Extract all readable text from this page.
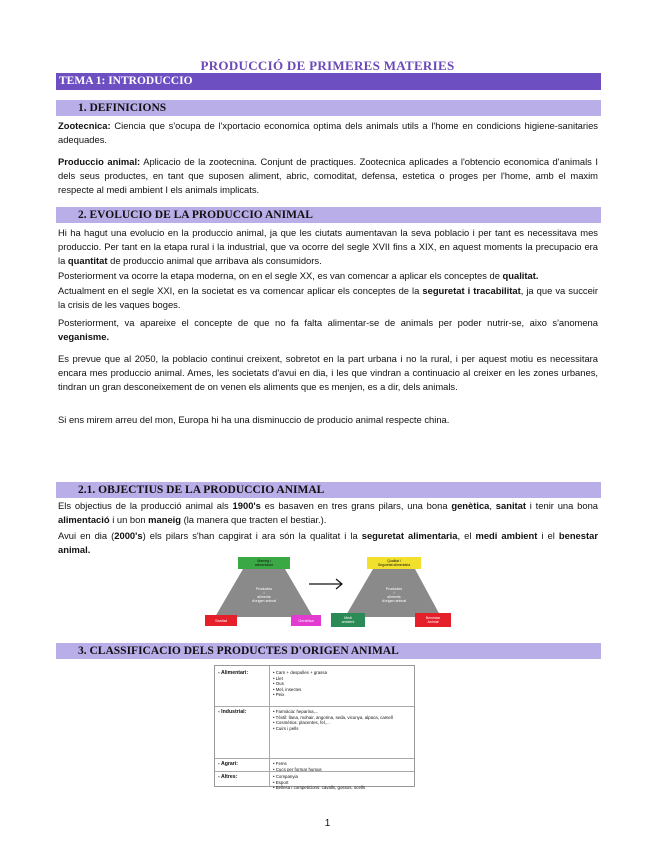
PRODUCCIÓ DE PRIMERES MATERIES
TEMA 1: INTRODUCCIO
1. DEFINICIONS
Zootecnica: Ciencia que s'ocupa de l'xportacio economica optima dels animals utils a l'home en condicions higiene-sanitaries adequades.
Produccio animal: Aplicacio de la zootecnina. Conjunt de practiques. Zootecnica aplicades a l'obtencio economica d'animals I dels seus productes, en tant que suposen aliment, abric, comoditat, defensa, estetica o proges per l'home, amb el maxim respecte al medi ambient I els animals implicats.
2. EVOLUCIO DE LA PRODUCCIO ANIMAL
Hi ha hagut una evolucio en la produccio animal, ja que les ciutats aumentavan la seva poblacio i per tant es necessitava mes produccio. Per tant en la etapa rural i la industrial, que va ocorre del segle XVII fins a XIX, en aquest moments la precupacio era la quantitat de produccio animal que arribava als consumidors.
Posteriorment va ocorre la etapa moderna, on en el segle XX, es van comencar a aplicar els conceptes de qualitat.
Actualment en el segle XXI, en la societat es va comencar aplicar els conceptes de la seguretat i tracabilitat, ja que va succeir la crisis de les vaques boges.
Posteriorment, va apareixe el concepte de que no fa falta alimentar-se de animals per poder nutrir-se, aixo s'anomena veganisme.
Es prevue que al 2050, la poblacio continui creixent, sobretot en la part urbana i no la rural, i per aquest motiu es necessitara encara mes produccio animal. Ames, les societats d'avui en dia, i les que vindran a continuacio al creixer en les zones urbanes, tindran un gran desconeixement de on venen els aliments que es menjen, es a dir, dels animals.
Si ens mirem arreu del mon, Europa hi ha una disminuccio de producio animal respecte china.
2.1. OBJECTIUS DE LA PRODUCCIO ANIMAL
Els objectius de la producció animal als 1900's es basaven en tres grans pilars, una bona genètica, sanitat i tenir una bona alimentació i un bon maneig (la manera que tracten el bestiar.).
Avui en dia (2000's) els pilars s'han capgirat i ara són la qualitat i la seguretat alimentaria, el medi ambient i el benestar animal.
Maneig i alimentació
Productes i aliments d'origen animal
Sanitat	Genètica
Qualitat i Seguretat alimentària
Productes i aliments d'origen animal
Medi ambient
Benestar Animal
3. CLASSIFICACIO DELS PRODUCTES D'ORIGEN ANIMAL
- Alimentari:	• Carn + despulles + grassa
• Llet
• Ous
• Mel, insectes
• Peix
- Industrial:	• Farmàcia: heparina,...
• Tèxtil: llana, mohair, angorina, seda, vicunya, alpaca, camell
• Cosmètica: placentes, fel,...
• Cuirs i pells
- Agrari:	• Fems
• Cucs per formar humus
- Altres:	• Companyia
• Esport
• Bellesa i competicions: cavalls, gossos, ocells
1
